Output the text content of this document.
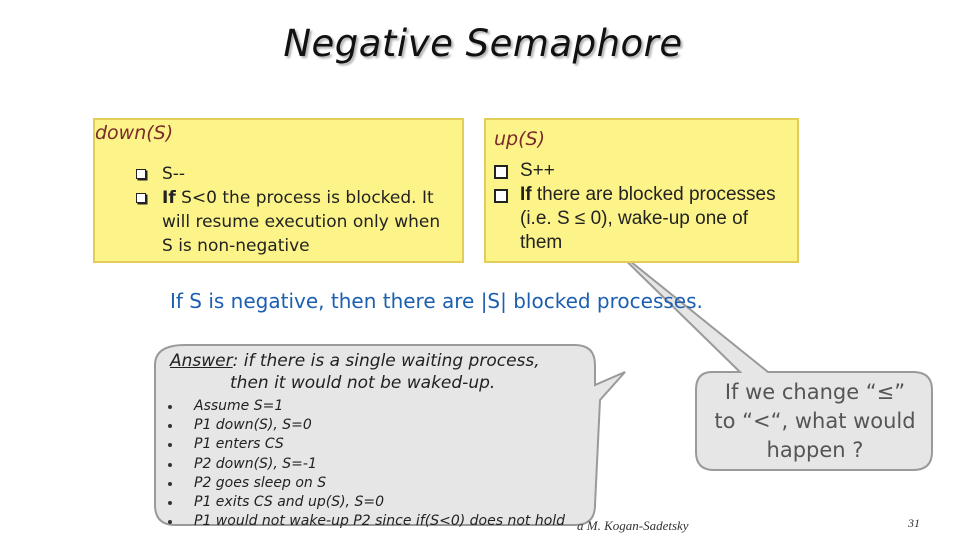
Negative Semaphore
down(S)
S--
If S<0 the process is blocked. It will resume execution only when S is non-negative
up(S)
S++
If there are blocked processes (i.e. S ≤ 0), wake-up one of them
If S is negative, then there are |S| blocked processes.
Answer: if there is a single waiting process,
then it would not be waked-up.
Assume S=1
P1 down(S), S=0
P1 enters CS
P2 down(S), S=-1
P2 goes sleep on S
P1 exits CS and up(S), S=0
P1 would not wake-up P2 since if(S<0) does not hold
If we change “≤”
to “<“, what would
happen ?
a M. Kogan-Sadetsky	31
